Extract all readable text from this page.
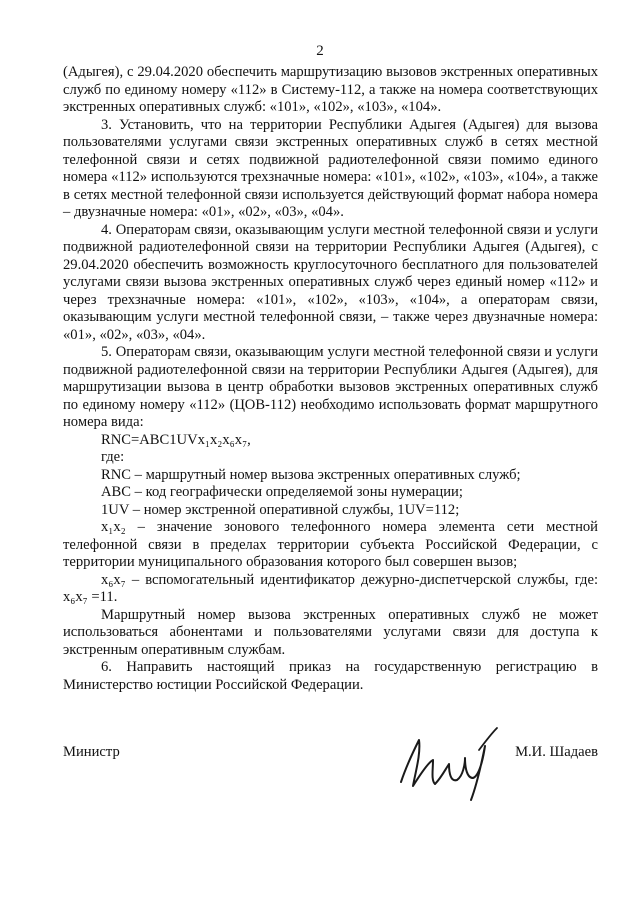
2

(Адыгея), с 29.04.2020 обеспечить маршрутизацию вызовов экстренных оперативных служб по единому номеру «112» в Систему-112, а также на номера соответствующих экстренных оперативных служб: «101», «102», «103», «104».

3. Установить, что на территории Республики Адыгея (Адыгея) для вызова пользователями услугами связи экстренных оперативных служб в сетях местной телефонной связи и сетях подвижной радиотелефонной связи помимо единого номера «112» используются трехзначные номера: «101», «102», «103», «104», а также в сетях местной телефонной связи используется действующий формат набора номера – двузначные номера: «01», «02», «03», «04».

4. Операторам связи, оказывающим услуги местной телефонной связи и услуги подвижной радиотелефонной связи на территории Республики Адыгея (Адыгея), с 29.04.2020 обеспечить возможность круглосуточного бесплатного для пользователей услугами связи вызова экстренных оперативных служб через единый номер «112» и через трехзначные номера: «101», «102», «103», «104», а операторам связи, оказывающим услуги местной телефонной связи, – также через двузначные номера: «01», «02», «03», «04».

5. Операторам связи, оказывающим услуги местной телефонной связи и услуги подвижной радиотелефонной связи на территории Республики Адыгея (Адыгея), для маршрутизации вызова в центр обработки вызовов экстренных оперативных служб по единому номеру «112» (ЦОВ-112) необходимо использовать формат маршрутного номера вида:

RNC=ABC1UVx₁x₂x₆x₇,

где:

RNC – маршрутный номер вызова экстренных оперативных служб;

ABC – код географически определяемой зоны нумерации;

1UV – номер экстренной оперативной службы, 1UV=112;

x₁x₂ – значение зонового телефонного номера элемента сети местной телефонной связи в пределах территории субъекта Российской Федерации, с территории муниципального образования которого был совершен вызов;

x₆x₇ – вспомогательный идентификатор дежурно-диспетчерской службы, где: x₆x₇ =11.

Маршрутный номер вызова экстренных оперативных служб не может использоваться абонентами и пользователями услугами связи для доступа к экстренным оперативным службам.

6. Направить настоящий приказ на государственную регистрацию в Министерство юстиции Российской Федерации.

Министр	М.И. Шадаев
